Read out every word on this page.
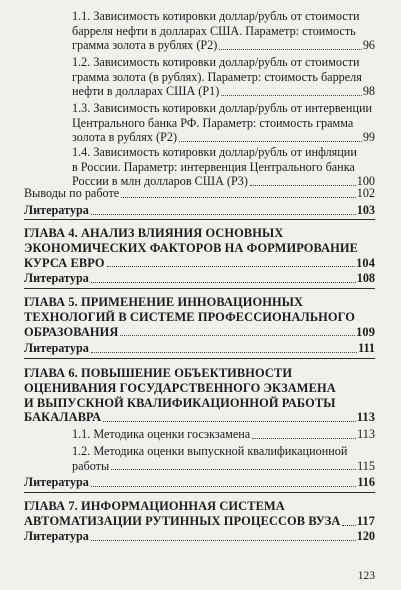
1.1. Зависимость котировки доллар/рубль от стоимости
барреля нефти в долларах США. Параметр: стоимость
грамма золота в рублях (P2)	96
1.2. Зависимость котировки доллар/рубль от стоимости
грамма золота (в рублях). Параметр: стоимость барреля
нефти в долларах США (P1)	98
1.3. Зависимость котировки доллар/рубль от интервенции
Центрального банка РФ. Параметр: стоимость грамма
золота в рублях (P2)	99
1.4. Зависимость котировки доллар/рубль от инфляции
в России. Параметр: интервенция Центрального банка
России в млн долларов США (P3)	100
Выводы по работе	102
Литература	103
ГЛАВА 4. АНАЛИЗ ВЛИЯНИЯ ОСНОВНЫХ
ЭКОНОМИЧЕСКИХ ФАКТОРОВ НА ФОРМИРОВАНИЕ
КУРСА ЕВРО	104
Литература	108
ГЛАВА 5. ПРИМЕНЕНИЕ ИННОВАЦИОННЫХ
ТЕХНОЛОГИЙ В СИСТЕМЕ ПРОФЕССИОНАЛЬНОГО
ОБРАЗОВАНИЯ	109
Литература	111
ГЛАВА 6. ПОВЫШЕНИЕ ОБЪЕКТИВНОСТИ
ОЦЕНИВАНИЯ ГОСУДАРСТВЕННОГО ЭКЗАМЕНА
И ВЫПУСКНОЙ КВАЛИФИКАЦИОННОЙ РАБОТЫ
БАКАЛАВРА	113
1.1. Методика оценки госэкзамена	113
1.2. Методика оценки выпускной квалификационной
работы	115
Литература	116
ГЛАВА 7. ИНФОРМАЦИОННАЯ СИСТЕМА
АВТОМАТИЗАЦИИ РУТИННЫХ ПРОЦЕССОВ ВУЗА 117
Литература	120
123
